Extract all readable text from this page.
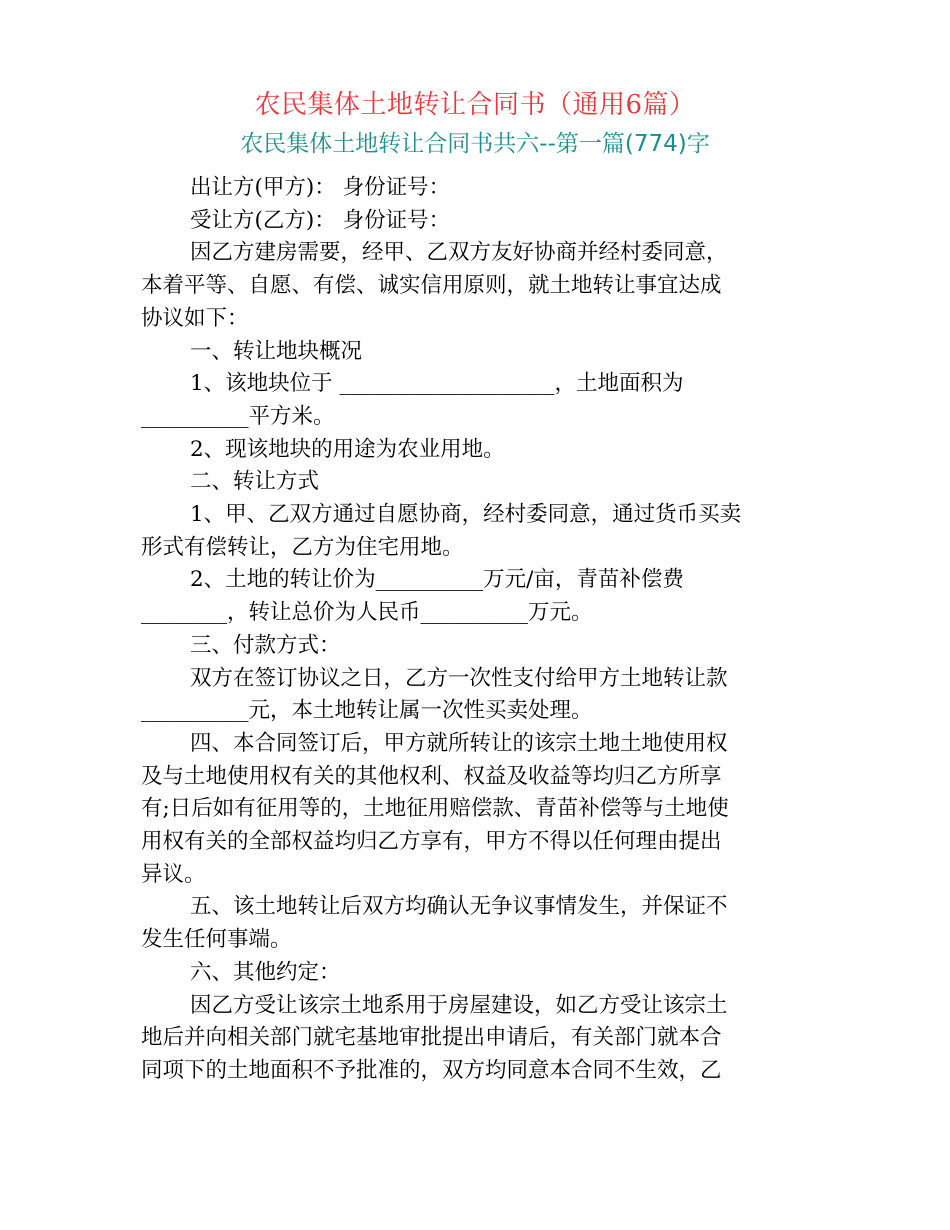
农民集体土地转让合同书（通用6篇）
农民集体土地转让合同书共六--第一篇(774)字

出让方(甲方)： 身份证号：

受让方(乙方)： 身份证号：

因乙方建房需要，经甲、乙双方友好协商并经村委同意，

本着平等、自愿、有偿、诚实信用原则，就土地转让事宜达成

协议如下：

一、转让地块概况

1、该地块位于 ____________________，土地面积为

__________平方米。

2、现该地块的用途为农业用地。

二、转让方式

1、甲、乙双方通过自愿协商，经村委同意，通过货币买卖

形式有偿转让，乙方为住宅用地。

2、土地的转让价为__________万元/亩，青苗补偿费

________，转让总价为人民币__________万元。

三、付款方式：

双方在签订协议之日，乙方一次性支付给甲方土地转让款

__________元，本土地转让属一次性买卖处理。

四、本合同签订后，甲方就所转让的该宗土地土地使用权

及与土地使用权有关的其他权利、权益及收益等均归乙方所享

有;日后如有征用等的，土地征用赔偿款、青苗补偿等与土地使

用权有关的全部权益均归乙方享有，甲方不得以任何理由提出

异议。

五、该土地转让后双方均确认无争议事情发生，并保证不

发生任何事端。

六、其他约定：

因乙方受让该宗土地系用于房屋建设，如乙方受让该宗土

地后并向相关部门就宅基地审批提出申请后，有关部门就本合

同项下的土地面积不予批准的，双方均同意本合同不生效，乙
